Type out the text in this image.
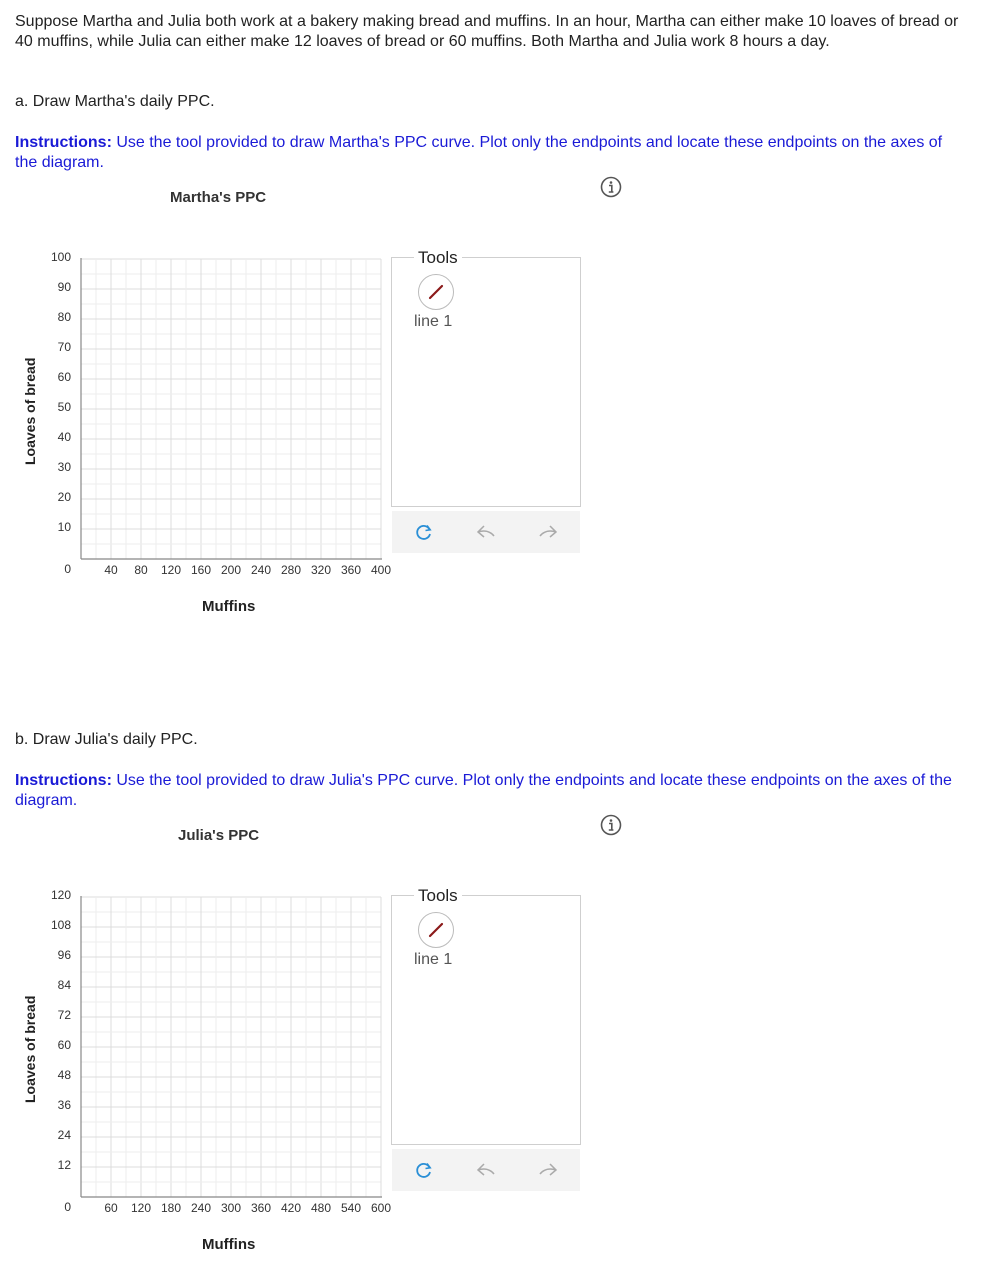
Suppose Martha and Julia both work at a bakery making bread and muffins. In an hour, Martha can either make 10 loaves of bread or 40 muffins, while Julia can either make 12 loaves of bread or 60 muffins. Both Martha and Julia work 8 hours a day.
a. Draw Martha's daily PPC.
Instructions: Use the tool provided to draw Martha's PPC curve. Plot only the endpoints and locate these endpoints on the axes of the diagram.
Martha's PPC
Loaves of bread
100
90
80
70
60
50
40
30
20
10
0	40	80	120 160 200 240 280 320 360 400
Muffins
Tools
line 1
b. Draw Julia's daily PPC.
Instructions: Use the tool provided to draw Julia's PPC curve. Plot only the endpoints and locate these endpoints on the axes of the diagram.
Julia's PPC
Loaves of bread
120
108
96
84
72
60
48
36
24
12
0	60	120 180 240 300 360 420 480 540 600
Muffins
Tools
line 1
